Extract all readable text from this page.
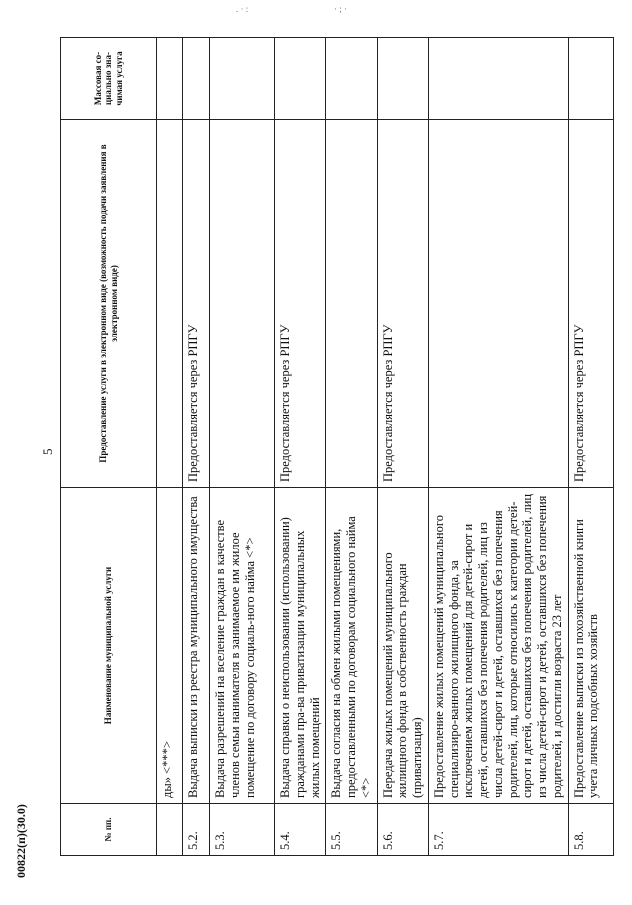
. · :	· ; ·
5
00822(п)(30.0)	№ пп.	Наименование муниципальной услуги	Предоставление услуги в электронном виде (возможность подачи заявления в электронном виде)	Массовая со-циально зна-чимая услуга
	ды» <***>		
5.2.	Выдача выписки из реестра муниципального имущества	Предоставляется через РПГУ	
5.3.	Выдача разрешений на вселение граждан в качестве членов семьи нанимателя в занимаемое им жилое помещение по договору социаль-ного найма <*>		
5.4.	Выдача справки о неиспользовании (использовании) гражданами пра-ва приватизации муниципальных жилых помещений	Предоставляется через РПГУ	
5.5.	Выдача согласия на обмен жилыми помещениями, предоставленными по договорам социального найма <*>		
5.6.	Передача жилых помещений муниципального жилищного фонда в собственность граждан (приватизация)	Предоставляется через РПГУ	
5.7.	Предоставление жилых помещений муниципального специализиро-ванного жилищного фонда, за исключением жилых помещений для детей-сирот и детей, оставшихся без попечения родителей, лиц из числа детей-сирот и детей, оставшихся без попечения родителей, лиц, которые относились к категории детей-сирот и детей, оставшихся без попечения родителей, лиц из числа детей-сирот и детей, оставшихся без попечения родителей, и достигли возраста 23 лет		
5.8.	Предоставление выписки из похозяйственной книги учета личных подсобных хозяйств	Предоставляется через РПГУ	
